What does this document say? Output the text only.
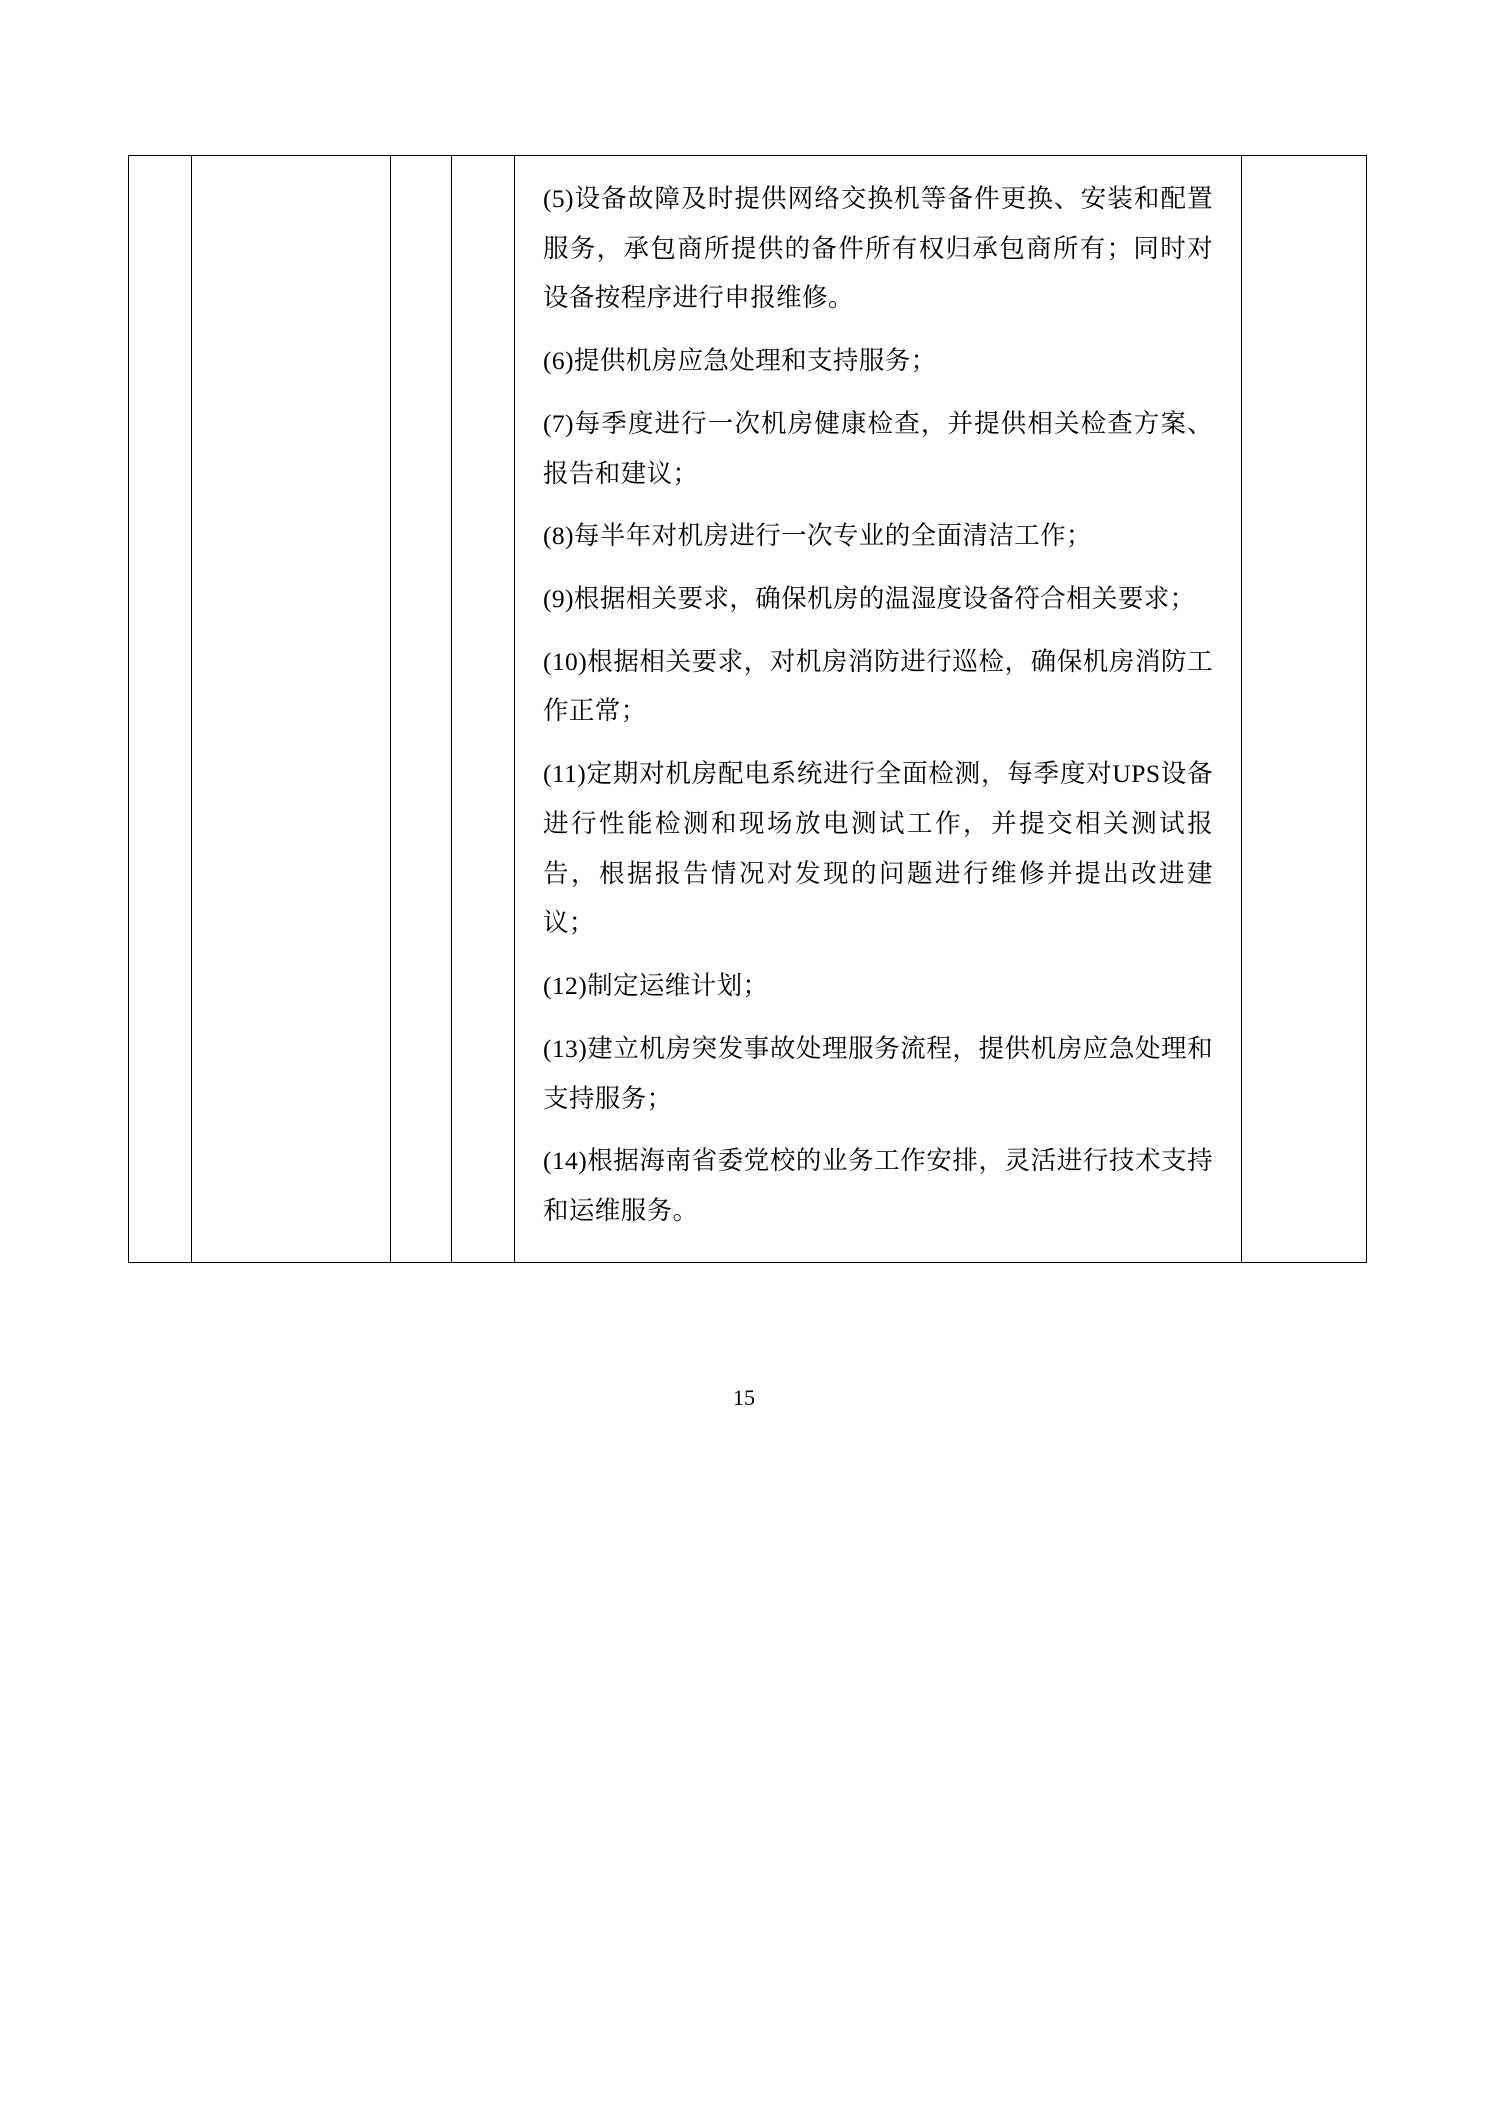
(5)设备故障及时提供网络交换机等备件更换、安装和配置服务，承包商所提供的备件所有权归承包商所有；同时对设备按程序进行申报维修。

(6)提供机房应急处理和支持服务；

(7)每季度进行一次机房健康检查，并提供相关检查方案、报告和建议；

(8)每半年对机房进行一次专业的全面清洁工作；

(9)根据相关要求，确保机房的温湿度设备符合相关要求；

(10)根据相关要求，对机房消防进行巡检，确保机房消防工作正常；

(11)定期对机房配电系统进行全面检测，每季度对UPS设备进行性能检测和现场放电测试工作，并提交相关测试报告，根据报告情况对发现的问题进行维修并提出改进建议；

(12)制定运维计划；

(13)建立机房突发事故处理服务流程，提供机房应急处理和支持服务；

(14)根据海南省委党校的业务工作安排，灵活进行技术支持和运维服务。

15
